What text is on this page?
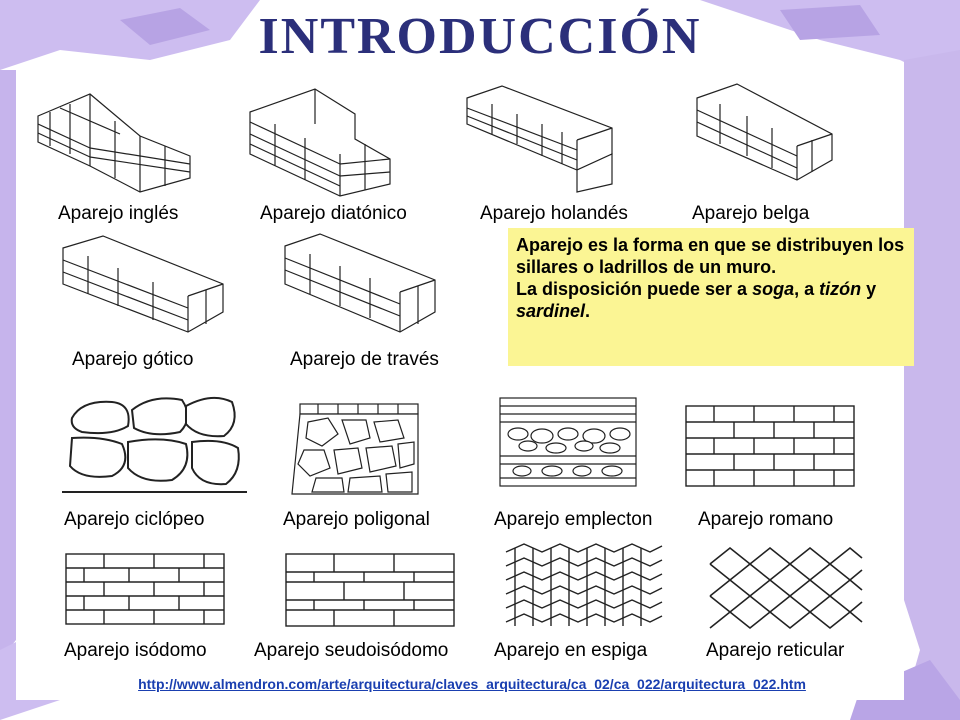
INTRODUCCIÓN
Aparejo inglés	Aparejo diatónico	Aparejo holandés	Aparejo belga
Aparejo gótico	Aparejo de través

Aparejo es la forma en que se distribuyen los sillares o ladrillos de un muro.

La disposición puede ser a soga, a tizón y sardinel.

Aparejo ciclópeo	Aparejo poligonal	Aparejo emplecton Aparejo romano
Aparejo isódomo Aparejo seudoisódomo Aparejo en espiga	Aparejo reticular
http://www.almendron.com/arte/arquitectura/claves_arquitectura/ca_02/ca_022/arquitectura_022.htm
